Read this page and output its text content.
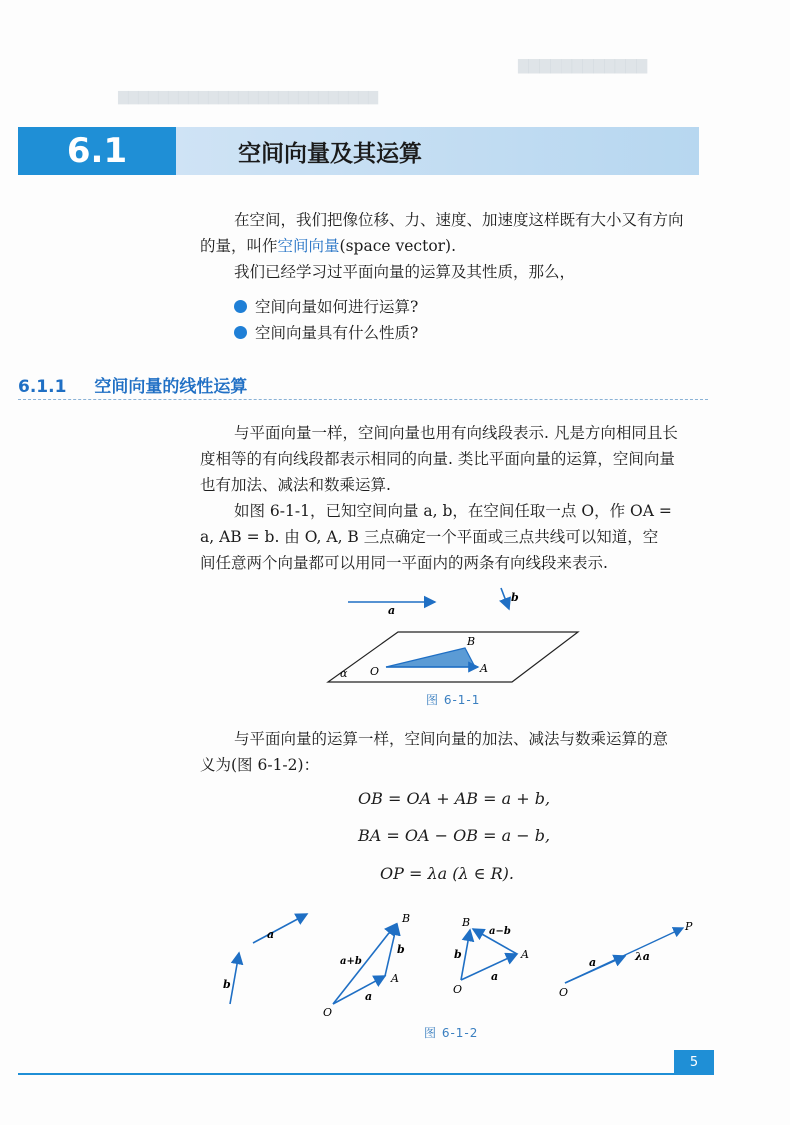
▇▇▇▇▇▇▇▇▇▇▇▇
▇▇▇▇▇▇▇▇▇▇▇▇▇▇▇▇▇▇▇▇▇▇▇▇▇▇
6.1	空间向量及其运算
在空间，我们把像位移、力、速度、加速度这样既有大小又有方向
的量，叫作空间向量(space vector).
我们已经学习过平面向量的运算及其性质，那么，
空间向量如何进行运算?
空间向量具有什么性质?
6.1.1 空间向量的线性运算
与平面向量一样，空间向量也用有向线段表示. 凡是方向相同且长
度相等的有向线段都表示相同的向量. 类比平面向量的运算，空间向量
也有加法、减法和数乘运算.
如图 6-1-1，已知空间向量 a, b，在空间任取一点 O，作 OA =
a, AB = b. 由 O, A, B 三点确定一个平面或三点共线可以知道，空
间任意两个向量都可以用同一平面内的两条有向线段来表示.
a
b
α O	A
B
图 6-1-1
与平面向量的运算一样，空间向量的加法、减法与数乘运算的意
义为(图 6-1-2)：
OB = OA + AB = a + b,
BA = OA − OB = a − b,
OP = λa (λ ∈ R).
a
b
O
A
B
a+b
b
a
O
A
B
a−b
b
a
O
P
a	λa
图 6-1-2
5
